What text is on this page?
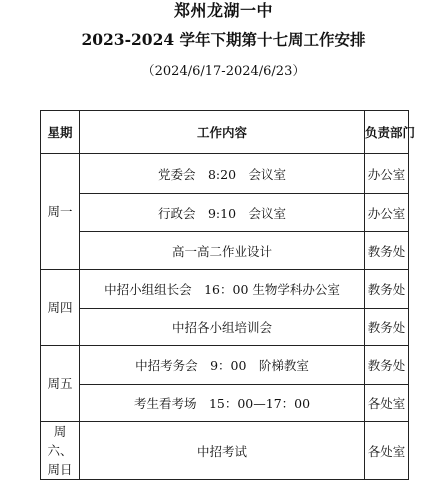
郑州龙湖一中
2023-2024 学年下期第十七周工作安排
（2024/6/17-2024/6/23）
星期	工作内容	负责部门
周一	党委会　8:20　会议室	办公室
	行政会　9:10　会议室	办公室
	高一高二作业设计	教务处
周四	中招小组组长会　16：00 生物学科办公室	教务处
	中招各小组培训会	教务处
周五	中招考务会　9：00　阶梯教室	教务处
	考生看考场　15：00—17：00	各处室
周六、周日	中招考试	各处室
